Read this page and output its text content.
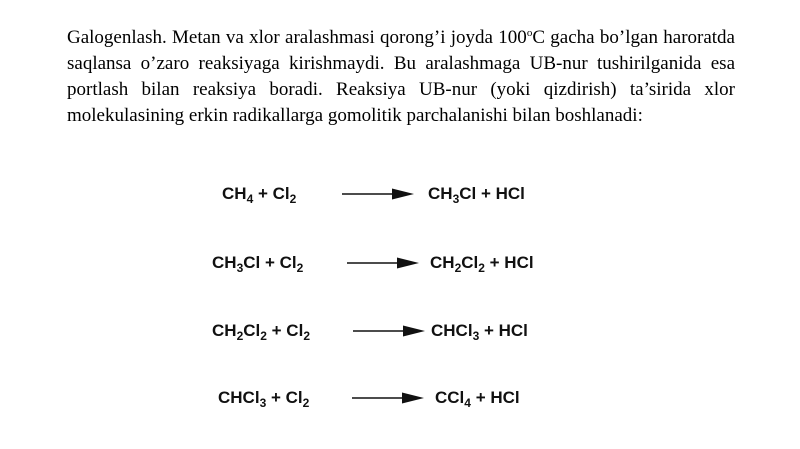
Galogenlash. Metan va xlor aralashmasi qorong’i joyda 100$^o$C gacha bo’lgan haroratda saqlansa o’zaro reaksiyaga kirishmaydi. Bu aralashmaga UB-nur tushirilganida esa portlash bilan reaksiya boradi. Reaksiya UB-nur (yoki qizdirish) ta’sirida xlor molekulasining erkin radikallarga gomolitik parchalanishi bilan boshlanadi:

$CH_4 + Cl_2$	$CH_3Cl$ + HCl
$CH_3Cl + Cl_2$	$CH_2Cl_2$ + HCl
$CH_2Cl_2 + Cl_2$	CHCl$_3$ + HCl
CHCl$_3$ + $Cl_2$	CCl$_4$ + HCl
